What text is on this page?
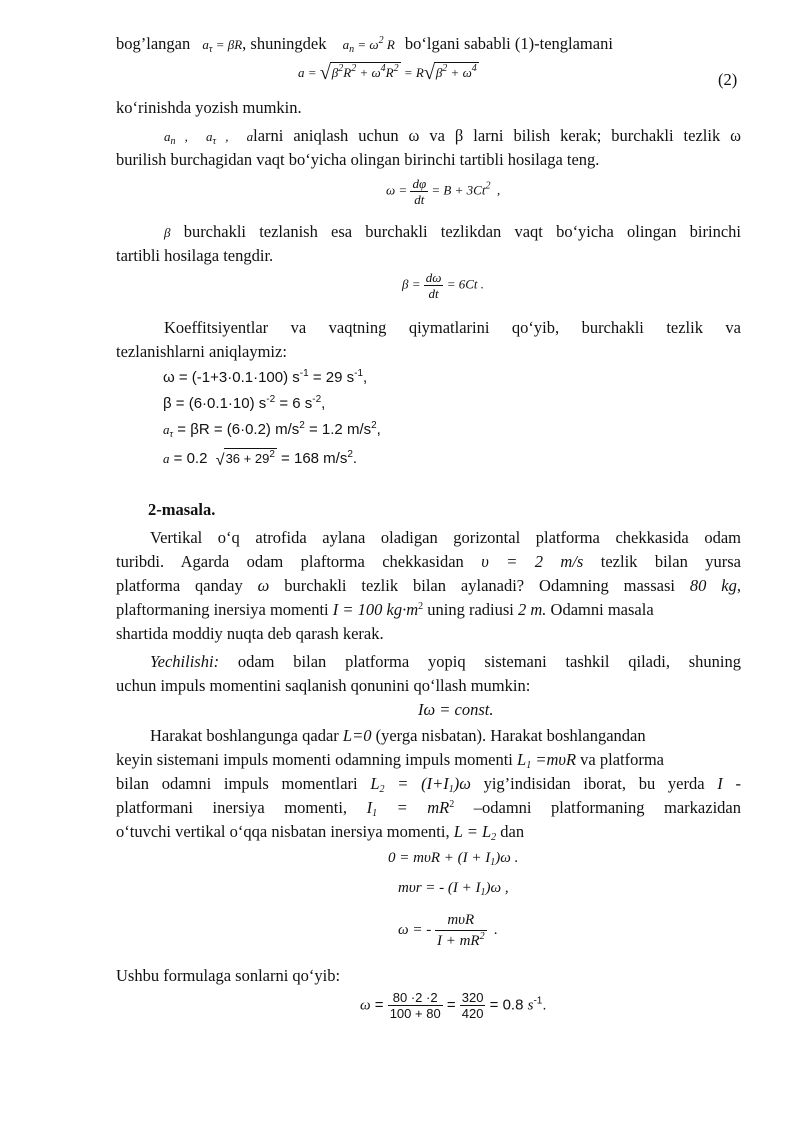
bog’langan $a_\tau = \beta R$, shuningdek $a_n = \omega^2$ R bo‘lgani sababli (1)-tenglamani
$a = √\beta^2R^2 + \omega^4R^2 = R√\beta^2 + \omega^4$
(2)
ko‘rinishda yozish mumkin.
$a_n$ ,  $a_\tau$ ,  alarni aniqlash uchun ω va β larni bilish kerak; burchakli tezlik ω
burilish burchagidan vaqt bo‘yicha olingan birinchi tartibli hosilaga teng.
$\omega = \frac{d\varphi}{dt} = B + 3Ct^2$  ,
β burchakli tezlanish esa burchakli tezlikdan vaqt bo‘yicha olingan birinchi
tartibli hosilaga tengdir.
$\beta = \frac{d\omega}{dt} = 6Ct$ .
Koeffitsiyentlar va vaqtning qiymatlarini qo‘yib, burchakli tezlik va
tezlanishlarni aniqlaymiz:
ω = (-1+3·0.1·100) $s^{-1} = 29$ $s^{-1}$,
β = (6·0.1·10) $s^{-2} = 6$ $s^{-2}$,
$a_\tau = \beta R = (6\cdot 0.2) m/s^2 = 1.2$ $m/s^2$,
a = 0.2 $√36 + 29^2 = 168$ $m/s^2$.
2-masala.
Vertikal o‘q atrofida aylana oladigan gorizontal platforma chekkasida odam
turibdi. Agarda odam plaftorma chekkasidan υ = 2 m/s tezlik bilan yursa
platforma qanday ω burchakli tezlik bilan aylanadi? Odamning massasi 80 kg,
plaftormaning inersiya momenti I = 100 $kg\cdot m^2$ uning radiusi 2 m. Odamni masala
shartida moddiy nuqta deb qarash kerak.
Yechilishi: odam bilan platforma yopiq sistemani tashkil qiladi, shuning
uchun impuls momentini saqlanish qonunini qo‘llash mumkin:
Iω = const.
Harakat boshlangunga qadar L=0 (yerga nisbatan). Harakat boshlangandan
keyin sistemani impuls momenti odamning impuls momenti $L_1 =m\upsilon R$ va platforma
bilan odamni impuls momentlari $L_2 = (I+I_1)\omega$ yig’indisidan iborat, bu yerda I -
platformani inersiya momenti, $I_1 = mR^2$ –odamni platformaning markazidan
o‘tuvchi vertikal o‘qqa nisbatan inersiya momenti, $L = L_2$ dan
$0 = m\upsilon R + (I + I_1)\omega$ .
mυr = - $(I + I_1)\omega$ ,
ω = - $\frac{\text{mυR}}{I + mR^2}$ .
Ushbu formulaga sonlarni qo‘yib:
$\omega = \frac{80 \cdot 2 \cdot 2}{100 + 80} = \frac{320}{420} = 0.8$ $s^{-1}$.
